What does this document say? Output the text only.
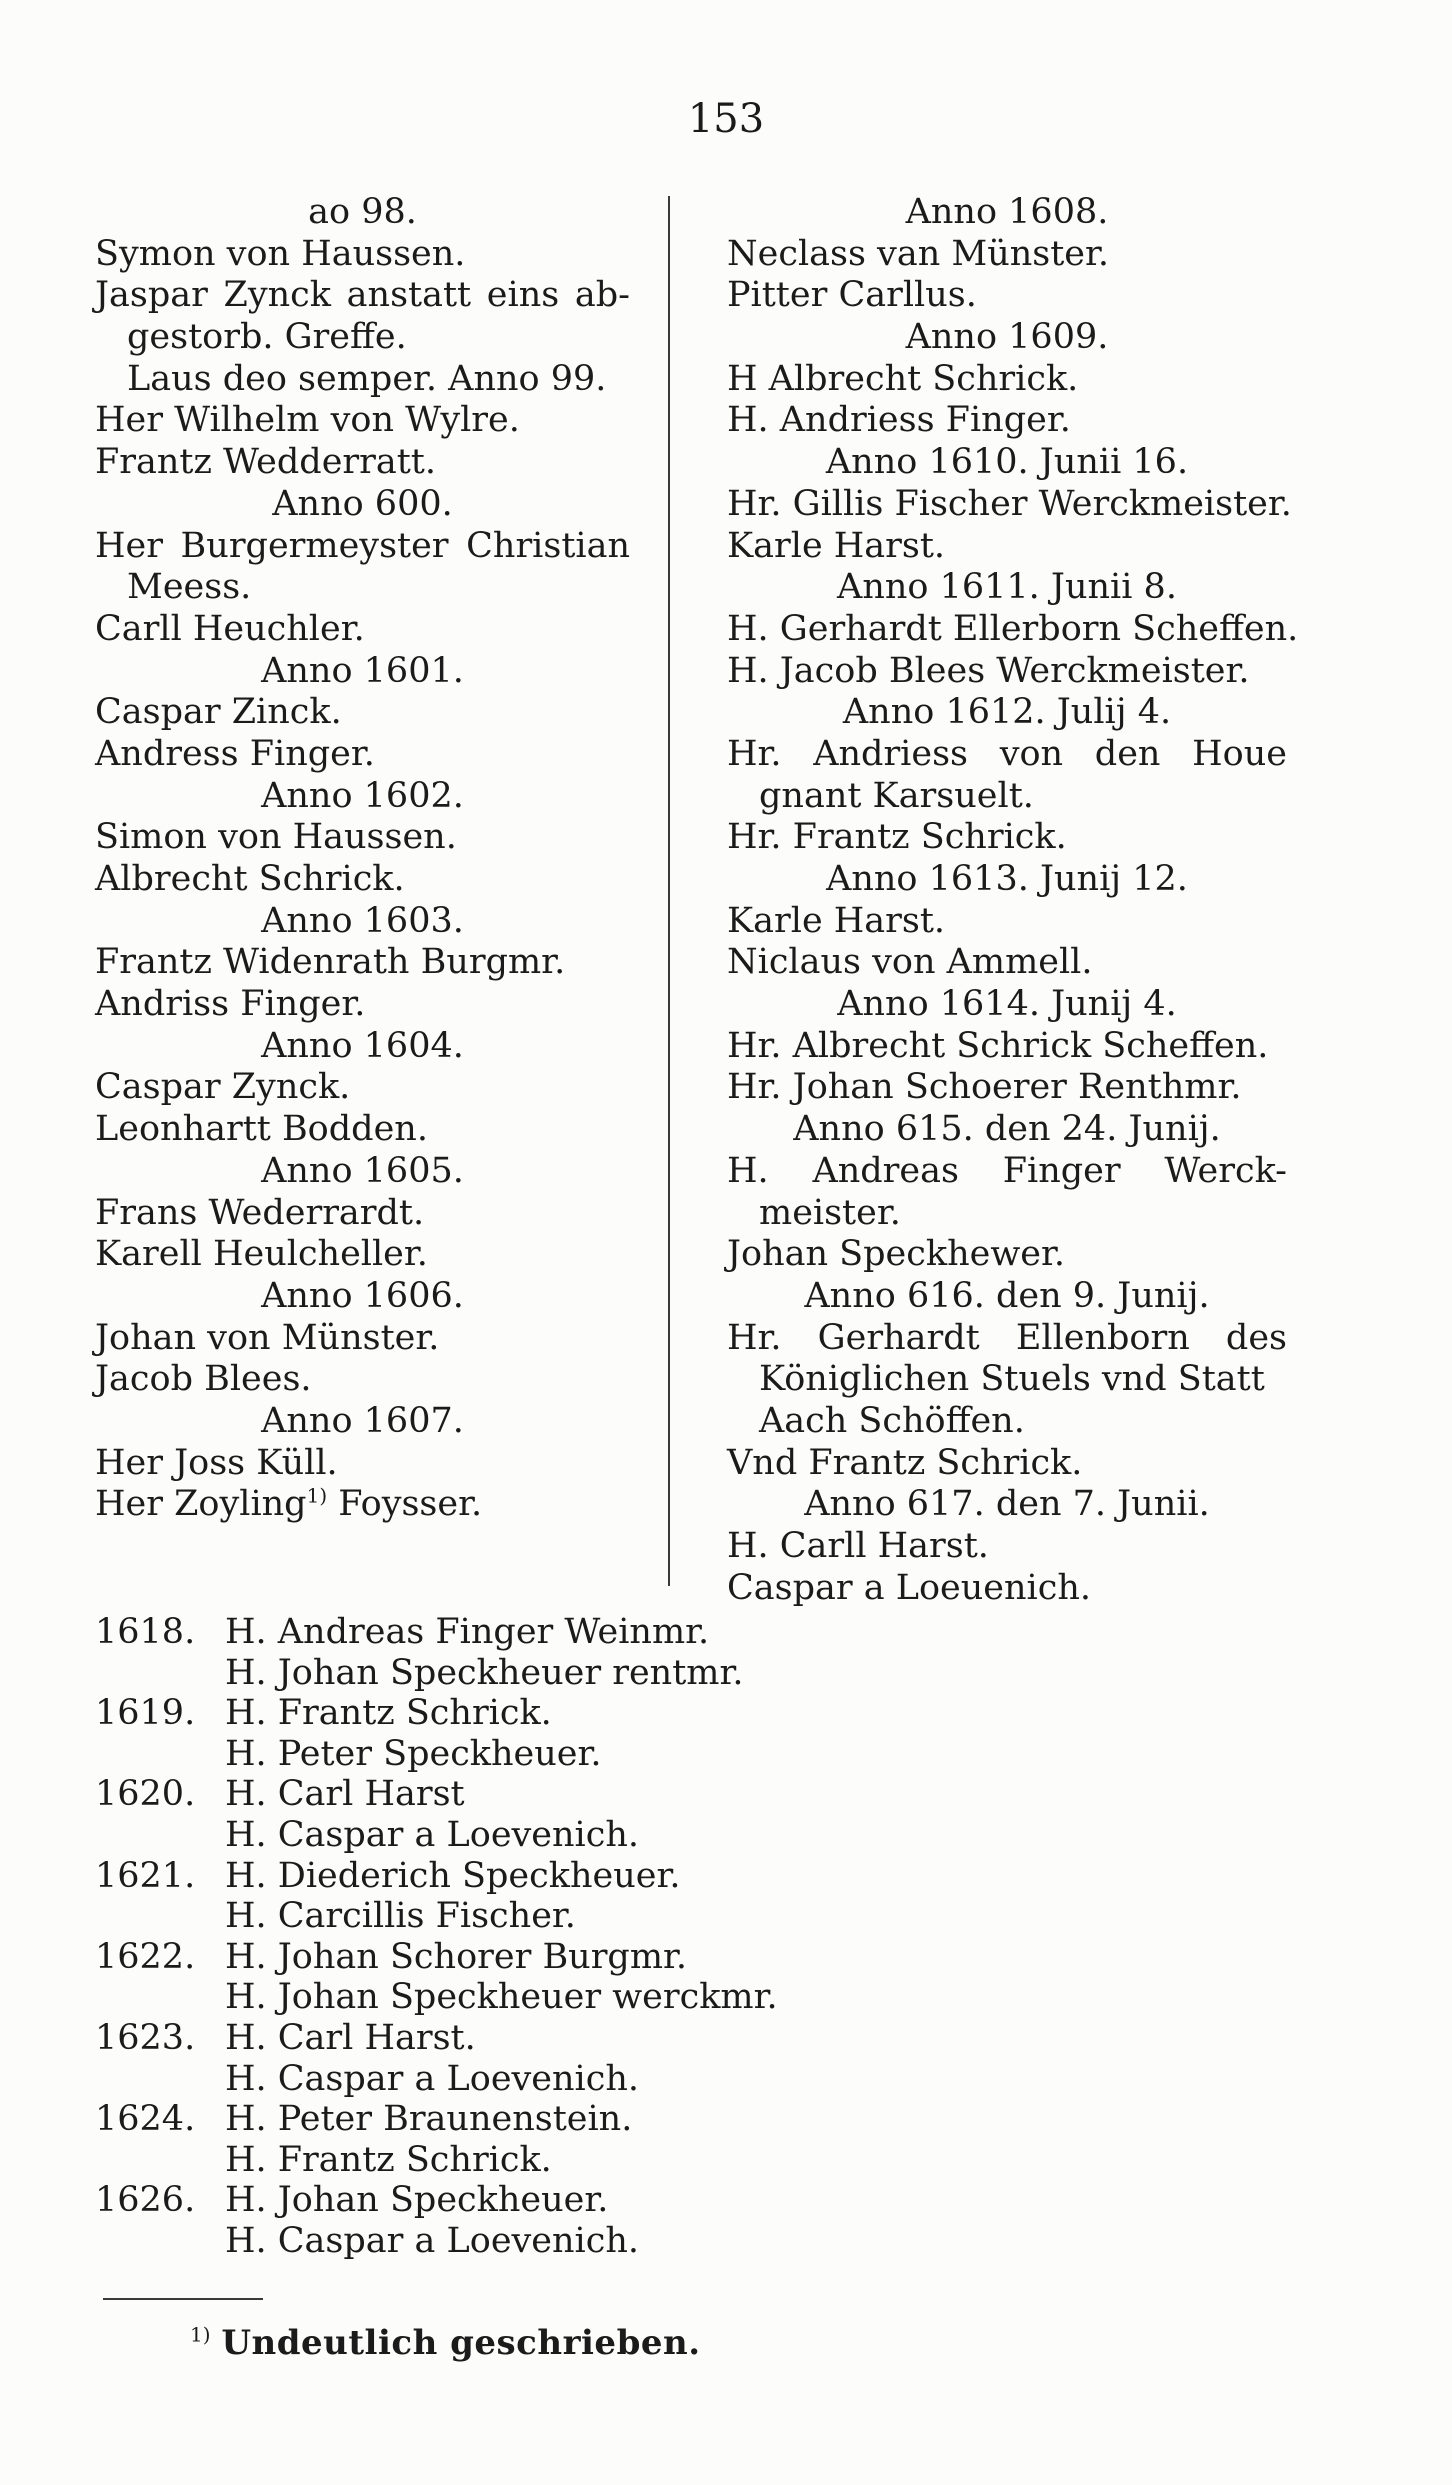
153
ao 98.
Symon von Haussen.
Jaspar Zynck anstatt eins ab-
gestorb. Greffe.
Laus deo semper. Anno 99.
Her Wilhelm von Wylre.
Frantz Wedderratt.
Anno 600.
Her Burgermeyster Christian
Meess.
Carll Heuchler.
Anno 1601.
Caspar Zinck.
Andress Finger.
Anno 1602.
Simon von Haussen.
Albrecht Schrick.
Anno 1603.
Frantz Widenrath Burgmr.
Andriss Finger.
Anno 1604.
Caspar Zynck.
Leonhartt Bodden.
Anno 1605.
Frans Wederrardt.
Karell Heulcheller.
Anno 1606.
Johan von Münster.
Jacob Blees.
Anno 1607.
Her Joss Küll.
Her Zoyling$^{1)}$ Foysser.
Anno 1608.
Neclass van Münster.
Pitter Carllus.
Anno 1609.
H Albrecht Schrick.
H. Andriess Finger.
Anno 1610. Junii 16.
Hr. Gillis Fischer Werckmeister.
Karle Harst.
Anno 1611. Junii 8.
H. Gerhardt Ellerborn Scheffen.
H. Jacob Blees Werckmeister.
Anno 1612. Julij 4.
Hr. Andriess von den Houe
gnant Karsuelt.
Hr. Frantz Schrick.
Anno 1613. Junij 12.
Karle Harst.
Niclaus von Ammell.
Anno 1614. Junij 4.
Hr. Albrecht Schrick Scheffen.
Hr. Johan Schoerer Renthmr.
Anno 615. den 24. Junij.
H. Andreas Finger Werck-
meister.
Johan Speckhewer.
Anno 616. den 9. Junij.
Hr. Gerhardt Ellenborn des
Königlichen Stuels vnd Statt
Aach Schöffen.
Vnd Frantz Schrick.
Anno 617. den 7. Junii.
H. Carll Harst.
Caspar a Loeuenich.
1618. H. Andreas Finger Weinmr.
H. Johan Speckheuer rentmr.
1619. H. Frantz Schrick.
H. Peter Speckheuer.
1620. H. Carl Harst
H. Caspar a Loevenich.
1621. H. Diederich Speckheuer.
H. Carcillis Fischer.
1622. H. Johan Schorer Burgmr.
H. Johan Speckheuer werckmr.
1623. H. Carl Harst.
H. Caspar a Loevenich.
1624. H. Peter Braunenstein.
H. Frantz Schrick.
1626. H. Johan Speckheuer.
H. Caspar a Loevenich.
$^{1)}$ Undeutlich geschrieben.
